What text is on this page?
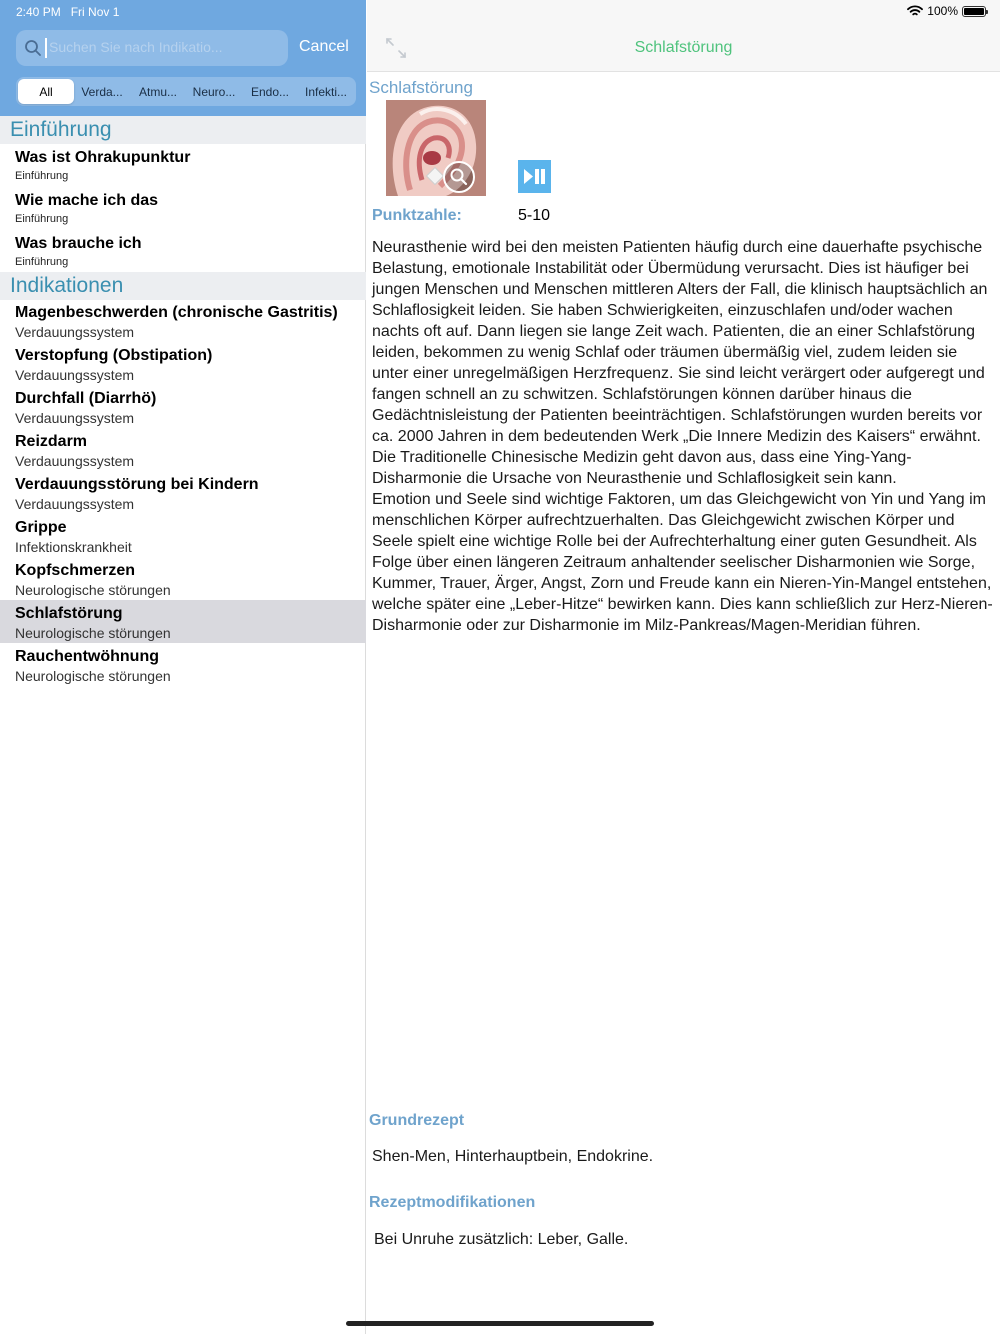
Suchen Sie nach Indikatio...	Cancel
All	Verda...	Atmu...	Neuro...	Endo...	Infekti...
Einführung
Was ist Ohrakupunktur
Einführung
Wie mache ich das
Einführung
Was brauche ich
Einführung
Indikationen
Magenbeschwerden (chronische Gastritis)
Verdauungssystem
Verstopfung (Obstipation)
Verdauungssystem
Durchfall (Diarrhö)
Verdauungssystem
Reizdarm
Verdauungssystem
Verdauungsstörung bei Kindern
Verdauungssystem
Grippe
Infektionskrankheit
Kopfschmerzen
Neurologische störungen
Schlafstörung
Neurologische störungen
Rauchentwöhnung
Neurologische störungen
2:40 PM Fri Nov 1	100%
Schlafstörung
Schlafstörung
Punktzahle:	5-10

Neurasthenie wird bei den meisten Patienten häufig durch eine dauerhafte psychische Belastung, emotionale Instabilität oder Übermüdung verursacht. Dies ist häufiger bei jungen Menschen und Menschen mittleren Alters der Fall, die klinisch hauptsächlich an Schlaflosigkeit leiden. Sie haben Schwierigkeiten, einzuschlafen und/oder wachen nachts oft auf. Dann liegen sie lange Zeit wach. Patienten, die an einer Schlafstörung leiden, bekommen zu wenig Schlaf oder träumen übermäßig viel, zudem leiden sie unter einer unregelmäßigen Herzfrequenz. Sie sind leicht verärgert oder aufgeregt und fangen schnell an zu schwitzen. Schlafstörungen können darüber hinaus die Gedächtnisleistung der Patienten beeinträchtigen. Schlafstörungen wurden bereits vor ca. 2000 Jahren in dem bedeutenden Werk „Die Innere Medizin des Kaisers“ erwähnt. Die Traditionelle Chinesische Medizin geht davon aus, dass eine Ying-Yang-Disharmonie die Ursache von Neurasthenie und Schlaflosigkeit sein kann.

Emotion und Seele sind wichtige Faktoren, um das Gleichgewicht von Yin und Yang im menschlichen Körper aufrechtzuerhalten. Das Gleichgewicht zwischen Körper und Seele spielt eine wichtige Rolle bei der Aufrechterhaltung einer guten Gesundheit. Als Folge über einen längeren Zeitraum anhaltender seelischer Disharmonien wie Sorge, Kummer, Trauer, Ärger, Angst, Zorn und Freude kann ein Nieren-Yin-Mangel entstehen, welche später eine „Leber-Hitze“ bewirken kann. Dies kann schließlich zur Herz-Nieren-Disharmonie oder zur Disharmonie im Milz-Pankreas/Magen-Meridian führen.

Grundrezept
Shen-Men, Hinterhauptbein, Endokrine.
Rezeptmodifikationen
Bei Unruhe zusätzlich: Leber, Galle.
